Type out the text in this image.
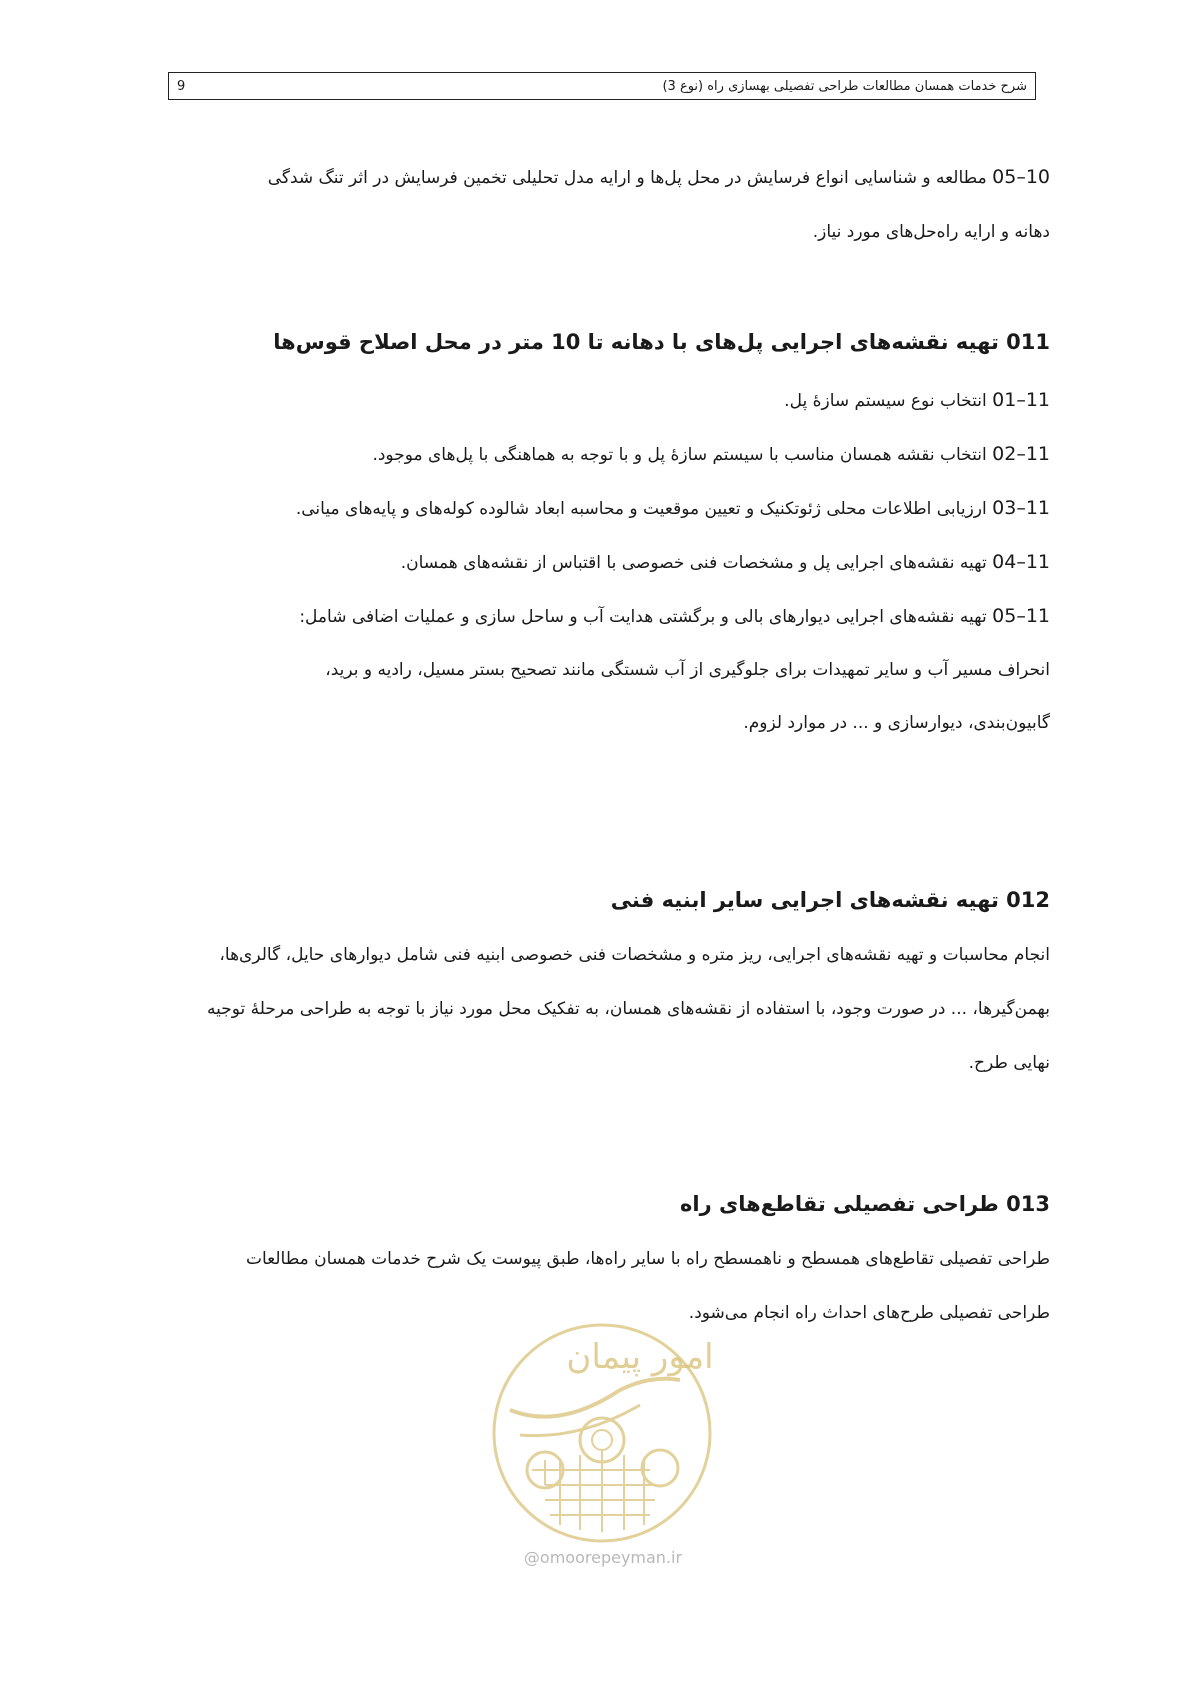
9	شرح خدمات همسان مطالعات طراحی تفصیلی بهسازی راه (نوع 3)

10–05 مطالعه و شناسایی انواع فرسایش در محل پل‌ها و ارایه مدل تحلیلی تخمین فرسایش در اثر تنگ شدگی

دهانه و ارایه راه‌حل‌های مورد نیاز.

011 تهیه نقشه‌های اجرایی پل‌های با دهانه تا 10 متر در محل اصلاح قوس‌ها

11–01 انتخاب نوع سیستم سازهٔ پل.

11–02 انتخاب نقشه همسان مناسب با سیستم سازهٔ پل و با توجه به هماهنگی با پل‌های موجود.

11–03 ارزیابی اطلاعات محلی ژئوتکنیک و تعیین موقعیت و محاسبه ابعاد شالوده کوله‌های و پایه‌های میانی.

11–04 تهیه نقشه‌های اجرایی پل و مشخصات فنی خصوصی با اقتباس از نقشه‌های همسان.

11–05 تهیه نقشه‌های اجرایی دیوارهای بالی و برگشتی هدایت آب و ساحل سازی و عملیات اضافی شامل:

انحراف مسیر آب و سایر تمهیدات برای جلوگیری از آب شستگی مانند تصحیح بستر مسیل، رادیه و برید،

گابیون‌بندی، دیوارسازی و ... در موارد لزوم.

012 تهیه نقشه‌های اجرایی سایر ابنیه فنی

انجام محاسبات و تهیه نقشه‌های اجرایی، ریز متره و مشخصات فنی خصوصی ابنیه فنی شامل دیوارهای حایل، گالری‌ها،

بهمن‌گیرها، ... در صورت وجود، با استفاده از نقشه‌های همسان، به تفکیک محل مورد نیاز با توجه به طراحی مرحلهٔ توجیه

نهایی طرح.

013 طراحی تفصیلی تقاطع‌های راه

طراحی تفصیلی تقاطع‌های همسطح و ناهمسطح راه با سایر راه‌ها، طبق پیوست یک شرح خدمات همسان مطالعات

طراحی تفصیلی طرح‌های احداث راه انجام می‌شود.

امور پیمان
@omoorepeyman.ir
